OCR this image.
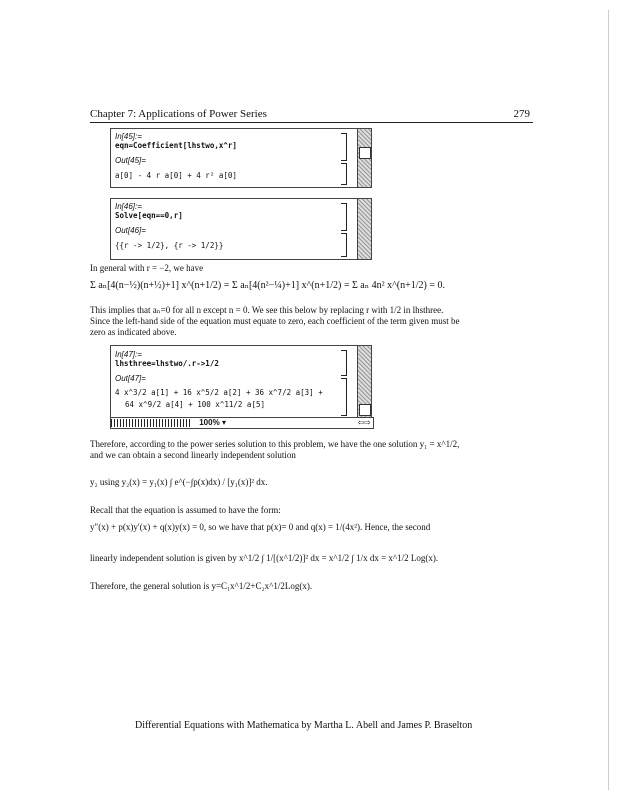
Chapter 7: Applications of Power Series	279
In[45]:=
eqn=Coefficient[lhstwo,x^r]
Out[45]=
a[0] - 4 r a[0] + 4 r² a[0]
In[46]:=
Solve[eqn==0,r]
Out[46]=
{{r -> 1/2}, {r -> 1/2}}
In general with r = −2, we have
Σ aₙ[4(n−½)(n+½)+1] x^(n+1/2) = Σ aₙ[4(n²−¼)+1] x^(n+1/2) = Σ aₙ 4n² x^(n+1/2) = 0.
This implies that aₙ=0 for all n except n = 0. We see this below by replacing r with 1/2 in lhsthree.
Since the left-hand side of the equation must equate to zero, each coefficient of the term given must be
zero as indicated above.
In[47]:=
lhsthree=lhstwo/.r->1/2
Out[47]=
4 x^3/2 a[1] + 16 x^5/2 a[2] + 36 x^7/2 a[3] +
64 x^9/2 a[4] + 100 x^11/2 a[5]
100% ▾	⇦⇨
Therefore, according to the power series solution to this problem, we have the one solution y₁ = x^1/2,
and we can obtain a second linearly independent solution
y₂ using y₂(x) = y₁(x) ∫ e^(−∫p(x)dx) / [y₁(x)]² dx.
Recall that the equation is assumed to have the form:
y″(x) + p(x)y′(x) + q(x)y(x) = 0, so we have that p(x)= 0 and q(x) = 1/(4x²). Hence, the second
linearly independent solution is given by x^1/2 ∫ 1/[(x^1/2)]² dx = x^1/2 ∫ 1/x dx = x^1/2 Log(x).
Therefore, the general solution is y=C₁x^1/2+C₂x^1/2Log(x).
Differential Equations with Mathematica by Martha L. Abell and James P. Braselton
